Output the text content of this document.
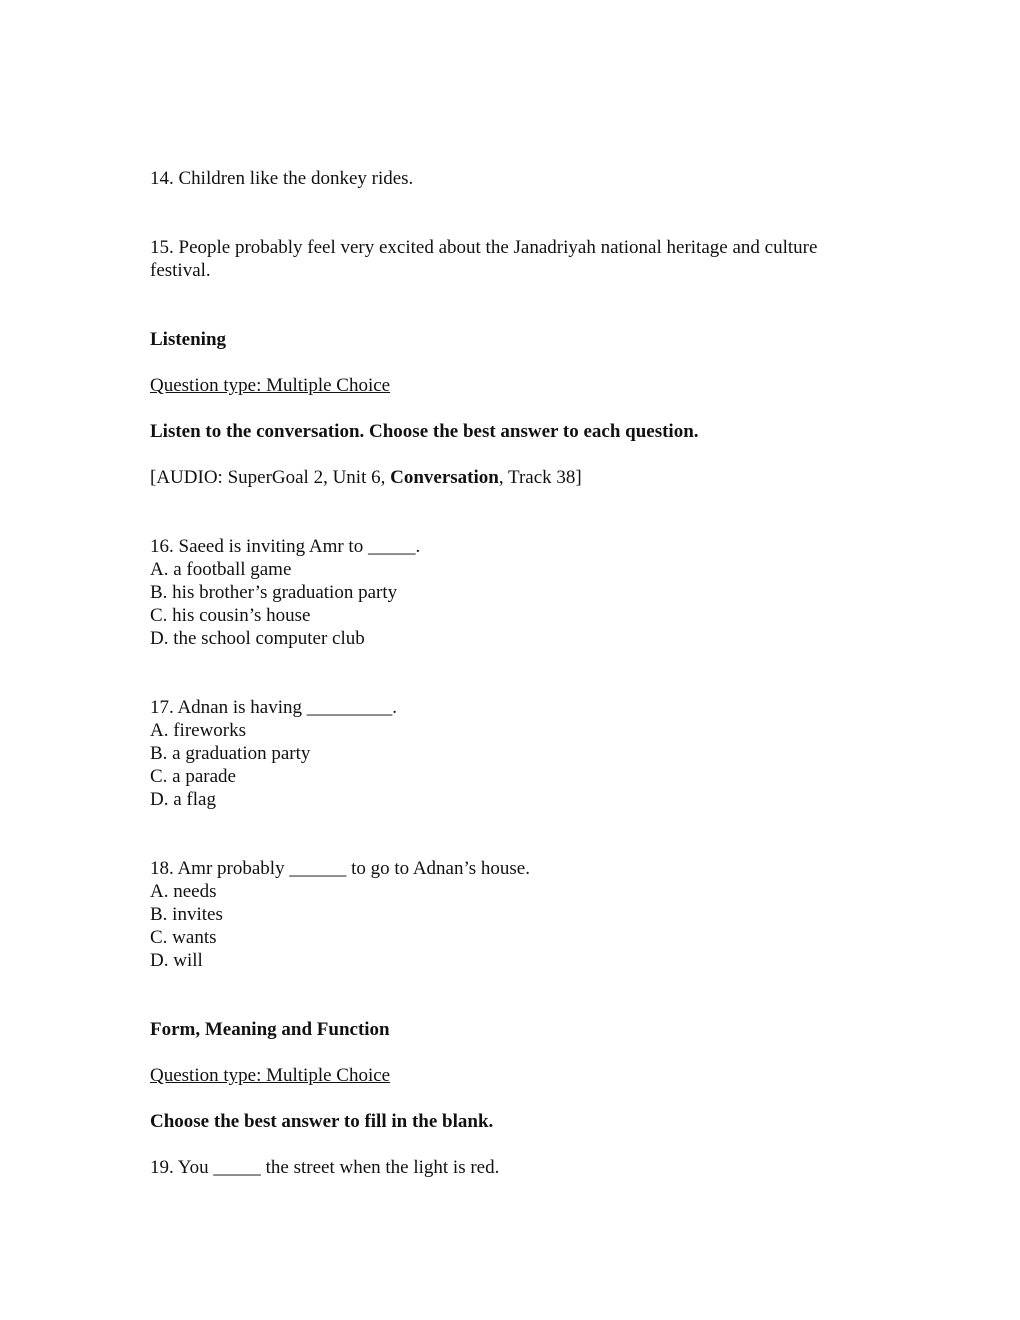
14. Children like the donkey rides.
15. People probably feel very excited about the Janadriyah national heritage and culture festival.
Listening
Question type: Multiple Choice
Listen to the conversation. Choose the best answer to each question.
[AUDIO: SuperGoal 2, Unit 6, Conversation, Track 38]
16. Saeed is inviting Amr to _____.
A. a football game
B. his brother’s graduation party
C. his cousin’s house
D. the school computer club
17. Adnan is having _________.
A. fireworks
B. a graduation party
C. a parade
D. a flag
18. Amr probably ______ to go to Adnan’s house.
A. needs
B. invites
C. wants
D. will
Form, Meaning and Function
Question type: Multiple Choice
Choose the best answer to fill in the blank.
19. You _____ the street when the light is red.
